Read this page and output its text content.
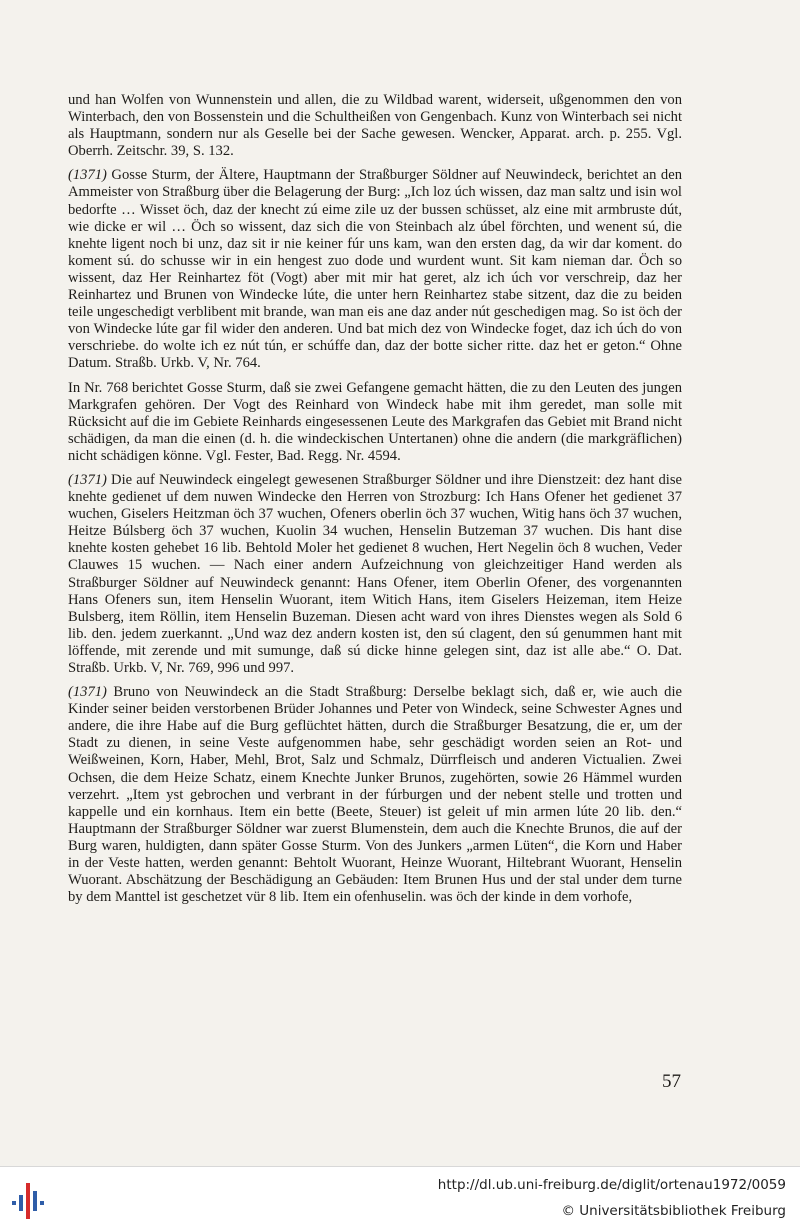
und han Wolfen von Wunnenstein und allen, die zu Wildbad warent, widerseit, ußgenommen den von Winterbach, den von Bossenstein und die Schultheißen von Gengenbach. Kunz von Winterbach sei nicht als Hauptmann, sondern nur als Geselle bei der Sache gewesen. Wencker, Apparat. arch. p. 255. Vgl. Oberrh. Zeitschr. 39, S. 132.

(1371) Gosse Sturm, der Ältere, Hauptmann der Straßburger Söldner auf Neuwindeck, berichtet an den Ammeister von Straßburg über die Belagerung der Burg: „Ich loz úch wissen, daz man saltz und isin wol bedorfte … Wisset öch, daz der knecht zú eime zile uz der bussen schüsset, alz eine mit armbruste dút, wie dicke er wil … Öch so wissent, daz sich die von Steinbach alz úbel förchten, und wenent sú, die knehte ligent noch bi unz, daz sit ir nie keiner fúr uns kam, wan den ersten dag, da wir dar koment. do koment sú. do schusse wir in ein hengest zuo dode und wurdent wunt. Sit kam nieman dar. Öch so wissent, daz Her Reinhartez föt (Vogt) aber mit mir hat geret, alz ich úch vor verschreip, daz her Reinhartez und Brunen von Windecke lúte, die unter hern Reinhartez stabe sitzent, daz die zu beiden teile ungeschedigt verblibent mit brande, wan man eis ane daz ander nút geschedigen mag. So ist öch der von Windecke lúte gar fil wider den anderen. Und bat mich dez von Windecke foget, daz ich úch do von verschriebe. do wolte ich ez nút tún, er schúffe dan, daz der botte sicher ritte. daz het er geton.“ Ohne Datum. Straßb. Urkb. V, Nr. 764.

In Nr. 768 berichtet Gosse Sturm, daß sie zwei Gefangene gemacht hätten, die zu den Leuten des jungen Markgrafen gehören. Der Vogt des Reinhard von Windeck habe mit ihm geredet, man solle mit Rücksicht auf die im Gebiete Reinhards eingesessenen Leute des Markgrafen das Gebiet mit Brand nicht schädigen, da man die einen (d. h. die windeckischen Untertanen) ohne die andern (die markgräflichen) nicht schädigen könne. Vgl. Fester, Bad. Regg. Nr. 4594.

(1371) Die auf Neuwindeck eingelegt gewesenen Straßburger Söldner und ihre Dienstzeit: dez hant dise knehte gedienet uf dem nuwen Windecke den Herren von Strozburg: Ich Hans Ofener het gedienet 37 wuchen, Giselers Heitzman öch 37 wuchen, Ofeners oberlin öch 37 wuchen, Witig hans öch 37 wuchen, Heitze Búlsberg öch 37 wuchen, Kuolin 34 wuchen, Henselin Butzeman 37 wuchen. Dis hant dise knehte kosten gehebet 16 lib. Behtold Moler het gedienet 8 wuchen, Hert Negelin öch 8 wuchen, Veder Clauwes 15 wuchen. — Nach einer andern Aufzeichnung von gleichzeitiger Hand werden als Straßburger Söldner auf Neuwindeck genannt: Hans Ofener, item Oberlin Ofener, des vorgenannten Hans Ofeners sun, item Henselin Wuorant, item Witich Hans, item Giselers Heizeman, item Heize Bulsberg, item Röllin, item Henselin Buzeman. Diesen acht ward von ihres Dienstes wegen als Sold 6 lib. den. jedem zuerkannt. „Und waz dez andern kosten ist, den sú clagent, den sú genummen hant mit löffende, mit zerende und mit sumunge, daß sú dicke hinne gelegen sint, daz ist alle abe.“ O. Dat. Straßb. Urkb. V, Nr. 769, 996 und 997.

(1371) Bruno von Neuwindeck an die Stadt Straßburg: Derselbe beklagt sich, daß er, wie auch die Kinder seiner beiden verstorbenen Brüder Johannes und Peter von Windeck, seine Schwester Agnes und andere, die ihre Habe auf die Burg geflüchtet hätten, durch die Straßburger Besatzung, die er, um der Stadt zu dienen, in seine Veste aufgenommen habe, sehr geschädigt worden seien an Rot- und Weißweinen, Korn, Haber, Mehl, Brot, Salz und Schmalz, Dürrfleisch und anderen Victualien. Zwei Ochsen, die dem Heize Schatz, einem Knechte Junker Brunos, zugehörten, sowie 26 Hämmel wurden verzehrt. „Item yst gebrochen und verbrant in der fúrburgen und der nebent stelle und trotten und kappelle und ein kornhaus. Item ein bette (Beete, Steuer) ist geleit uf min armen lúte 20 lib. den.“ Hauptmann der Straßburger Söldner war zuerst Blumenstein, dem auch die Knechte Brunos, die auf der Burg waren, huldigten, dann später Gosse Sturm. Von des Junkers „armen Lüten“, die Korn und Haber in der Veste hatten, werden genannt: Behtolt Wuorant, Heinze Wuorant, Hiltebrant Wuorant, Henselin Wuorant. Abschätzung der Beschädigung an Gebäuden: Item Brunen Hus und der stal under dem turne by dem Manttel ist geschetzet vür 8 lib. Item ein ofenhuselin. was öch der kinde in dem vorhofe,

57
http://dl.ub.uni-freiburg.de/diglit/ortenau1972/0059
© Universitätsbibliothek Freiburg
